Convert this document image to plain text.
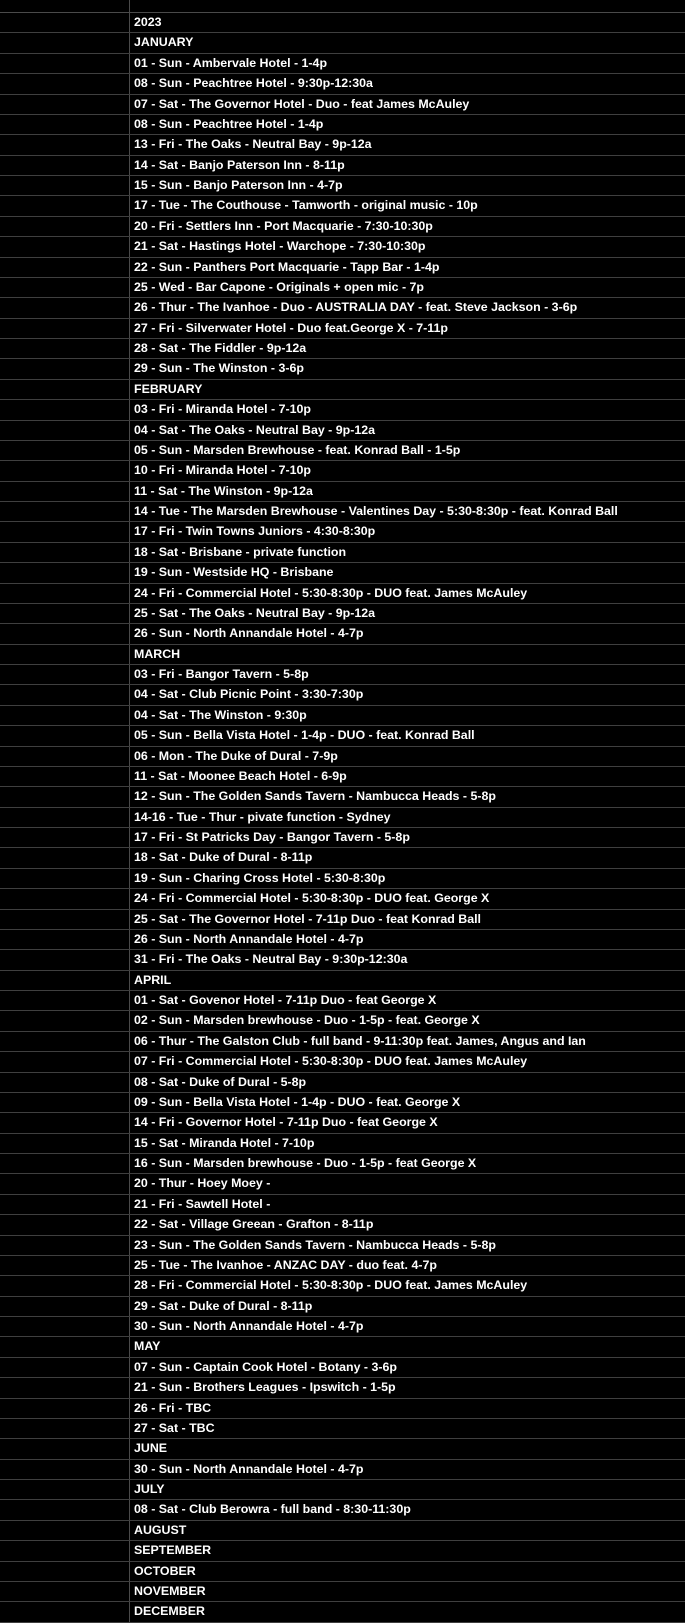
2023
JANUARY
01 - Sun - Ambervale Hotel - 1-4p
08 - Sun - Peachtree Hotel - 9:30p-12:30a
07 - Sat - The Governor Hotel - Duo - feat James McAuley
08 - Sun - Peachtree Hotel - 1-4p
13 - Fri - The Oaks - Neutral Bay - 9p-12a
14 - Sat - Banjo Paterson Inn - 8-11p
15 - Sun - Banjo Paterson Inn - 4-7p
17 - Tue - The Couthouse - Tamworth - original music - 10p
20 - Fri - Settlers Inn - Port Macquarie - 7:30-10:30p
21 - Sat - Hastings Hotel - Warchope - 7:30-10:30p
22 - Sun - Panthers Port Macquarie - Tapp Bar - 1-4p
25 - Wed - Bar Capone - Originals + open mic - 7p
26 - Thur - The Ivanhoe - Duo - AUSTRALIA DAY - feat. Steve Jackson - 3-6p
27 - Fri - Silverwater Hotel - Duo feat.George X - 7-11p
28 - Sat - The Fiddler - 9p-12a
29 - Sun - The Winston - 3-6p
FEBRUARY
03 - Fri - Miranda Hotel - 7-10p
04 - Sat - The Oaks - Neutral Bay - 9p-12a
05 - Sun - Marsden Brewhouse - feat. Konrad Ball - 1-5p
10 - Fri - Miranda Hotel - 7-10p
11 - Sat - The Winston - 9p-12a
14 - Tue - The Marsden Brewhouse - Valentines Day - 5:30-8:30p - feat. Konrad Ball
17 - Fri - Twin Towns Juniors - 4:30-8:30p
18 - Sat - Brisbane - private function
19 - Sun - Westside HQ - Brisbane
24 - Fri - Commercial Hotel - 5:30-8:30p - DUO feat. James McAuley
25 - Sat - The Oaks - Neutral Bay - 9p-12a
26 - Sun - North Annandale Hotel - 4-7p
MARCH
03 - Fri - Bangor Tavern - 5-8p
04 - Sat - Club Picnic Point - 3:30-7:30p
04 - Sat - The Winston - 9:30p
05 - Sun - Bella Vista Hotel - 1-4p - DUO - feat. Konrad Ball
06 - Mon - The Duke of Dural - 7-9p
11 - Sat - Moonee Beach Hotel - 6-9p
12 - Sun - The Golden Sands Tavern - Nambucca Heads - 5-8p
14-16 - Tue - Thur - pivate function - Sydney
17 - Fri - St Patricks Day - Bangor Tavern - 5-8p
18 - Sat - Duke of Dural - 8-11p
19 - Sun - Charing Cross Hotel - 5:30-8:30p
24 - Fri - Commercial Hotel - 5:30-8:30p - DUO feat. George X
25 - Sat - The Governor Hotel - 7-11p Duo - feat Konrad Ball
26 - Sun - North Annandale Hotel - 4-7p
31 - Fri - The Oaks - Neutral Bay - 9:30p-12:30a
APRIL
01 - Sat - Govenor Hotel - 7-11p Duo - feat George X
02 - Sun - Marsden brewhouse - Duo - 1-5p - feat. George X
06 - Thur - The Galston Club - full band - 9-11:30p feat. James, Angus and Ian
07 - Fri - Commercial Hotel - 5:30-8:30p - DUO feat. James McAuley
08 - Sat - Duke of Dural - 5-8p
09 - Sun - Bella Vista Hotel - 1-4p - DUO - feat. George X
14 - Fri - Governor Hotel - 7-11p Duo - feat George X
15 - Sat - Miranda Hotel - 7-10p
16 - Sun - Marsden brewhouse - Duo - 1-5p - feat George X
20 - Thur - Hoey Moey -
21 - Fri - Sawtell Hotel -
22 - Sat - Village Greean - Grafton - 8-11p
23 - Sun - The Golden Sands Tavern - Nambucca Heads - 5-8p
25 - Tue - The Ivanhoe - ANZAC DAY - duo feat. 4-7p
28 - Fri - Commercial Hotel - 5:30-8:30p - DUO feat. James McAuley
29 - Sat - Duke of Dural - 8-11p
30 - Sun - North Annandale Hotel - 4-7p
MAY
07 - Sun - Captain Cook Hotel - Botany - 3-6p
21 - Sun - Brothers Leagues - Ipswitch - 1-5p
26 - Fri - TBC
27 - Sat - TBC
JUNE
30 - Sun - North Annandale Hotel - 4-7p
JULY
08 - Sat - Club Berowra - full band - 8:30-11:30p
AUGUST
SEPTEMBER
OCTOBER
NOVEMBER
DECEMBER
